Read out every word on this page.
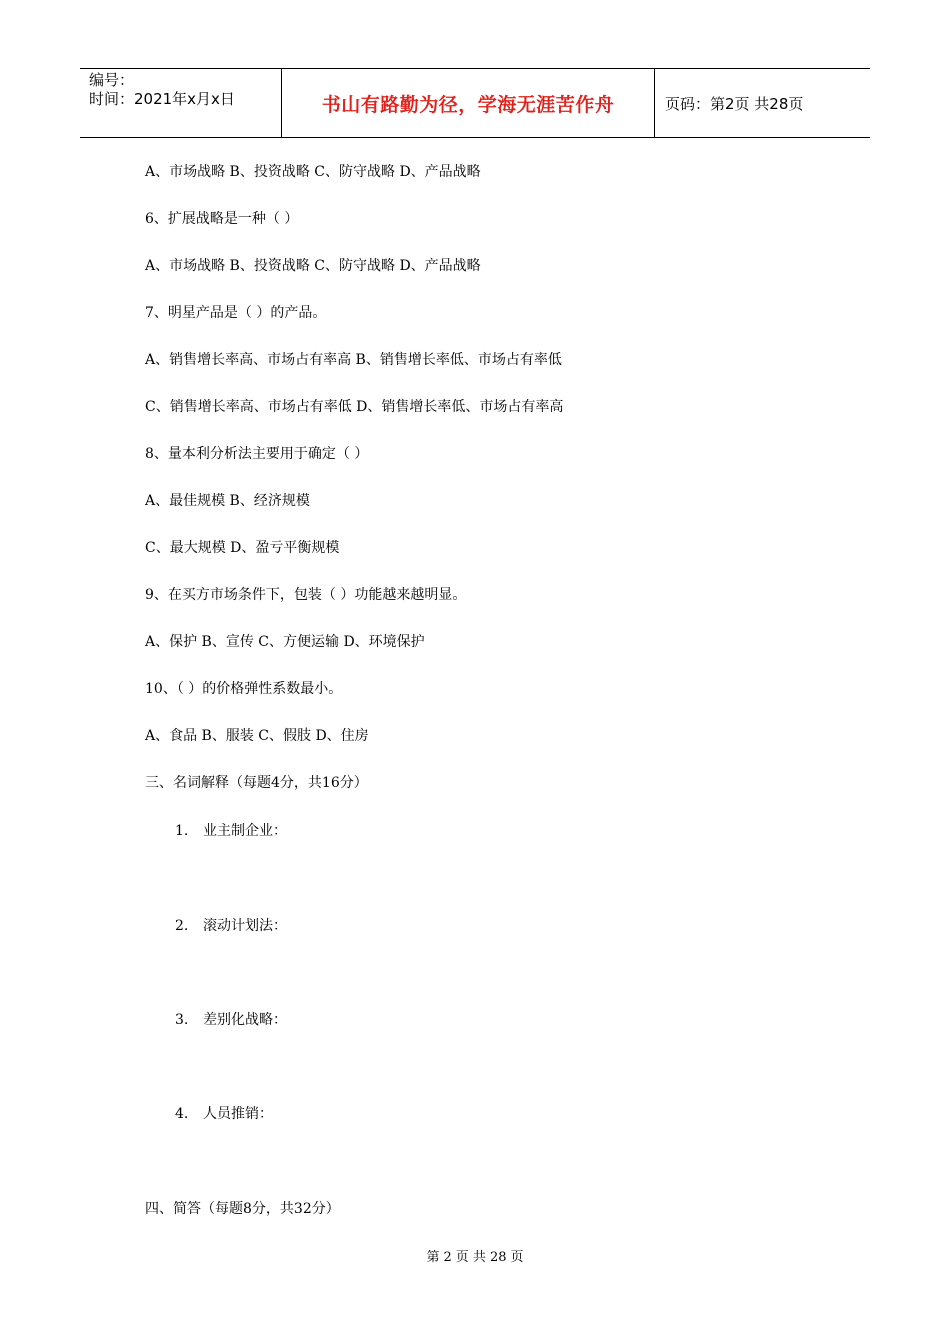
编号：
时间：2021年x月x日	书山有路勤为径，学海无涯苦作舟	页码：第2页 共28页
A、市场战略 B、投资战略 C、防守战略 D、产品战略
6、扩展战略是一种（ ）
A、市场战略 B、投资战略 C、防守战略 D、产品战略
7、明星产品是（ ）的产品。
A、销售增长率高、市场占有率高 B、销售增长率低、市场占有率低
C、销售增长率高、市场占有率低 D、销售增长率低、市场占有率高
8、量本利分析法主要用于确定（ ）
A、最佳规模 B、经济规模
C、最大规模 D、盈亏平衡规模
9、在买方市场条件下，包装（ ）功能越来越明显。
A、保护 B、宣传 C、方便运输 D、环境保护
10、（ ）的价格弹性系数最小。
A、食品 B、服装 C、假肢 D、住房
三、名词解释（每题4分，共16分）
1. 业主制企业：
2. 滚动计划法：
3. 差别化战略：
4. 人员推销：
四、简答（每题8分，共32分）
第 2 页 共 28 页
